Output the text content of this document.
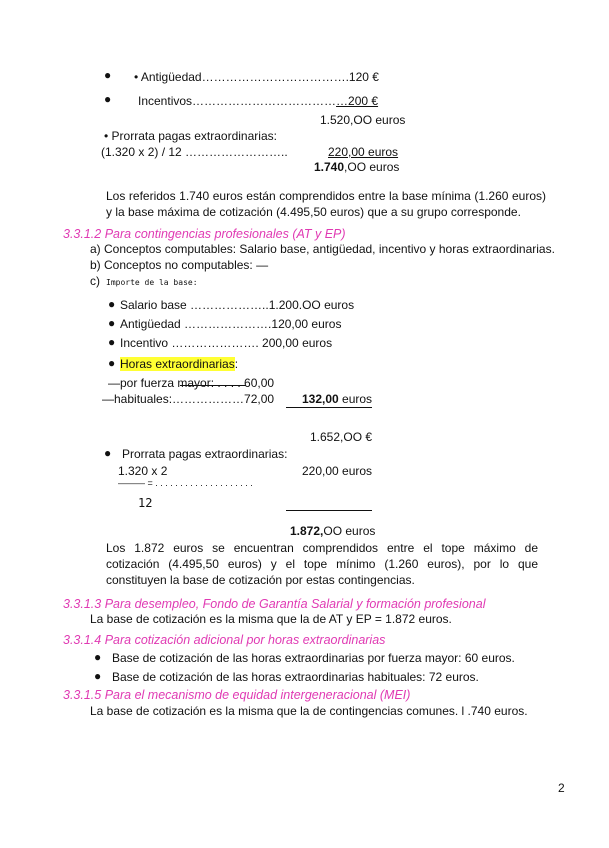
● • Antigüedad……………………………….120 €
● Incentivos…………………………………200 €
1.520,OO euros
• Prorrata pagas extraordinarias:
(1.320 x 2) / 12 ……………………..	220,00 euros
1.740,OO euros
Los referidos 1.740 euros están comprendidos entre la base mínima (1.260 euros) y la base máxima de cotización (4.495,50 euros) que a su grupo corresponde.
3.3.1.2 Para contingencias profesionales (AT y EP)
a) Conceptos computables: Salario base, antigüedad, incentivo y horas extraordinarias.
b) Conceptos no computables: —
c) Importe de la base:
● Salario base ………………..1.200.OO euros
● Antigüedad ………………….120,00 euros
● Incentivo …………………. 200,00 euros
● Horas extraordinarias:
—por fuerza mayor: . . . . 60,00
—habituales:………………72,00 132,00 euros
1.652,OO €
● Prorrata pagas extraordinarias:
1.320 x 2	220,00 euros
——— = . . . . . . . . . . . . . . . . . . . .
12
1.872,OO euros
Los 1.872 euros se encuentran comprendidos entre el tope máximo de cotización (4.495,50 euros) y el tope mínimo (1.260 euros), por lo que constituyen la base de cotización por estas contingencias.
3.3.1.3 Para desempleo, Fondo de Garantía Salarial y formación profesional
La base de cotización es la misma que la de AT y EP = 1.872 euros.
3.3.1.4 Para cotización adicional por horas extraordinarias
● Base de cotización de las horas extraordinarias por fuerza mayor: 60 euros.
● Base de cotización de las horas extraordinarias habituales: 72 euros.
3.3.1.5 Para el mecanismo de equidad intergeneracional (MEI)
La base de cotización es la misma que la de contingencias comunes. l .740 euros.
2
